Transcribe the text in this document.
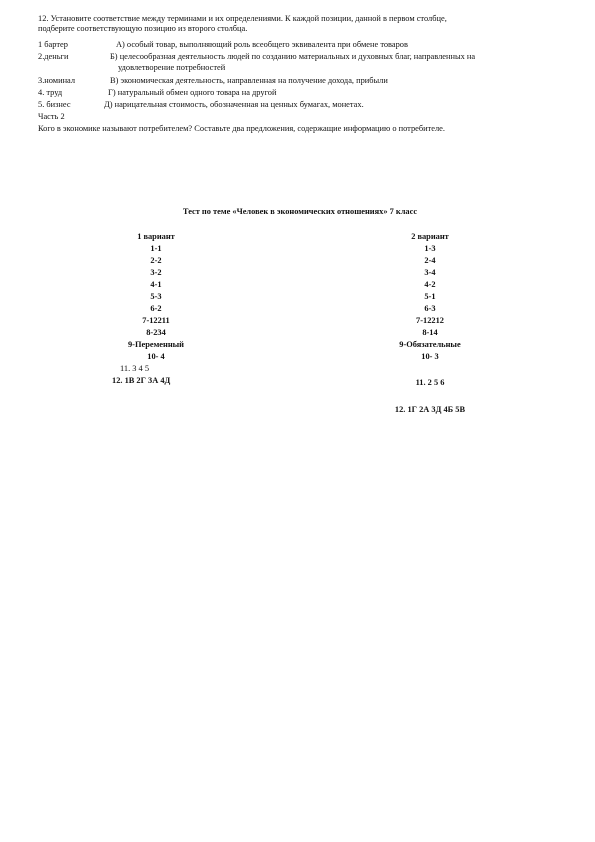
12. Установите соответствие между терминами и их определениями. К каждой позиции, данной в первом столбце,
подберите соответствующую позицию из второго столбца.
1 бартер	А) особый товар, выполняющий роль всеобщего эквивалента при обмене товаров
2.деньги	Б) целесообразная деятельность людей по созданию материальных и духовных благ, направленных на
удовлетворение потребностей
3.номинал	В) экономическая деятельность, направленная на получение дохода, прибыли
4. труд	Г) натуральный обмен одного товара на другой
5. бизнес	Д) нарицательная стоимость, обозначенная на ценных бумагах, монетах.
Часть 2
Кого в экономике называют потребителем? Составьте два предложения, содержащие информацию о потребителе.
Тест по теме «Человек в экономических отношениях» 7 класс
1 вариант
1-1
2-2
3-2
4-1
5-3
6-2
7-12211
8-234
9-Переменный
10- 4
11. 3 4 5
12. 1В 2Г 3А 4Д
2 вариант
1-3
2-4
3-4
4-2
5-1
6-3
7-12212
8-14
9-Обязательные
10- 3
11. 2 5 6
12. 1Г 2А 3Д 4Б 5В
